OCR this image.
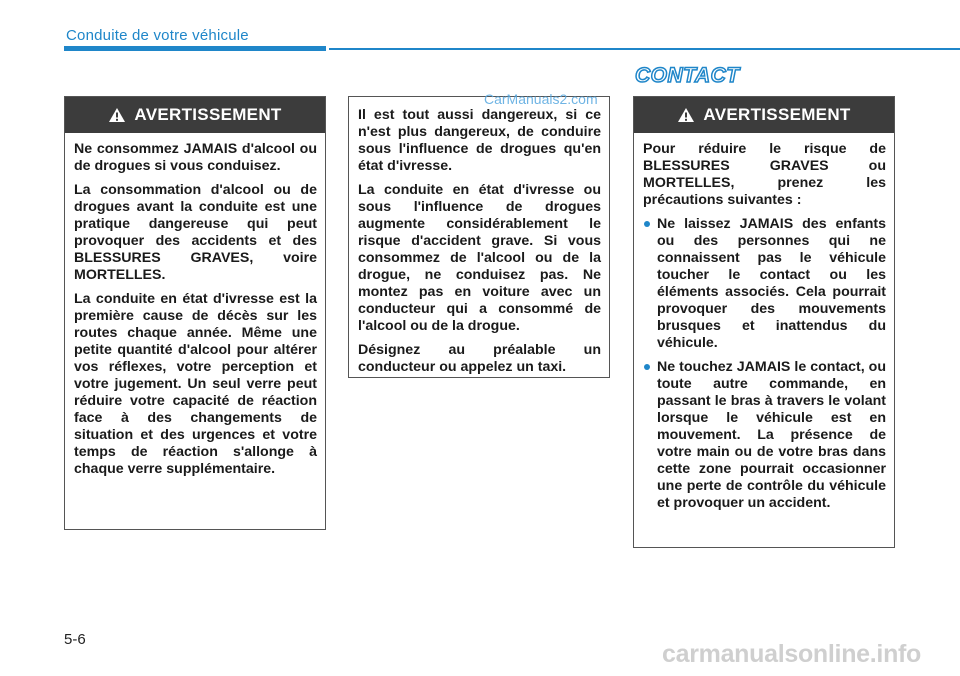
Conduite de votre véhicule
CONTACT
AVERTISSEMENT

Ne consommez JAMAIS d'alcool ou de drogues si vous conduisez.

La consommation d'alcool ou de drogues avant la conduite est une pratique dangereuse qui peut provoquer des accidents et des BLESSURES GRAVES, voire MORTELLES.

La conduite en état d'ivresse est la première cause de décès sur les routes chaque année. Même une petite quantité d'alcool pour altérer vos réflexes, votre perception et votre jugement. Un seul verre peut réduire votre capacité de réaction face à des changements de situation et des urgences et votre temps de réaction s'allonge à chaque verre supplémentaire.

Il est tout aussi dangereux, si ce n'est plus dangereux, de conduire sous l'influence de drogues qu'en état d'ivresse.

La conduite en état d'ivresse ou sous l'influence de drogues augmente considérablement le risque d'accident grave. Si vous consommez de l'alcool ou de la drogue, ne conduisez pas. Ne montez pas en voiture avec un conducteur qui a consommé de l'alcool ou de la drogue.

Désignez au préalable un conducteur ou appelez un taxi.

CarManuals2.com
AVERTISSEMENT

Pour réduire le risque de BLESSURES GRAVES ou MORTELLES, prenez les précautions suivantes :

Ne laissez JAMAIS des enfants ou des personnes qui ne connaissent pas le véhicule toucher le contact ou les éléments associés. Cela pourrait provoquer des mouvements brusques et inattendus du véhicule.
Ne touchez JAMAIS le contact, ou toute autre commande, en passant le bras à travers le volant lorsque le véhicule est en mouvement. La présence de votre main ou de votre bras dans cette zone pourrait occasionner une perte de contrôle du véhicule et provoquer un accident.
5-6
carmanualsonline.info
